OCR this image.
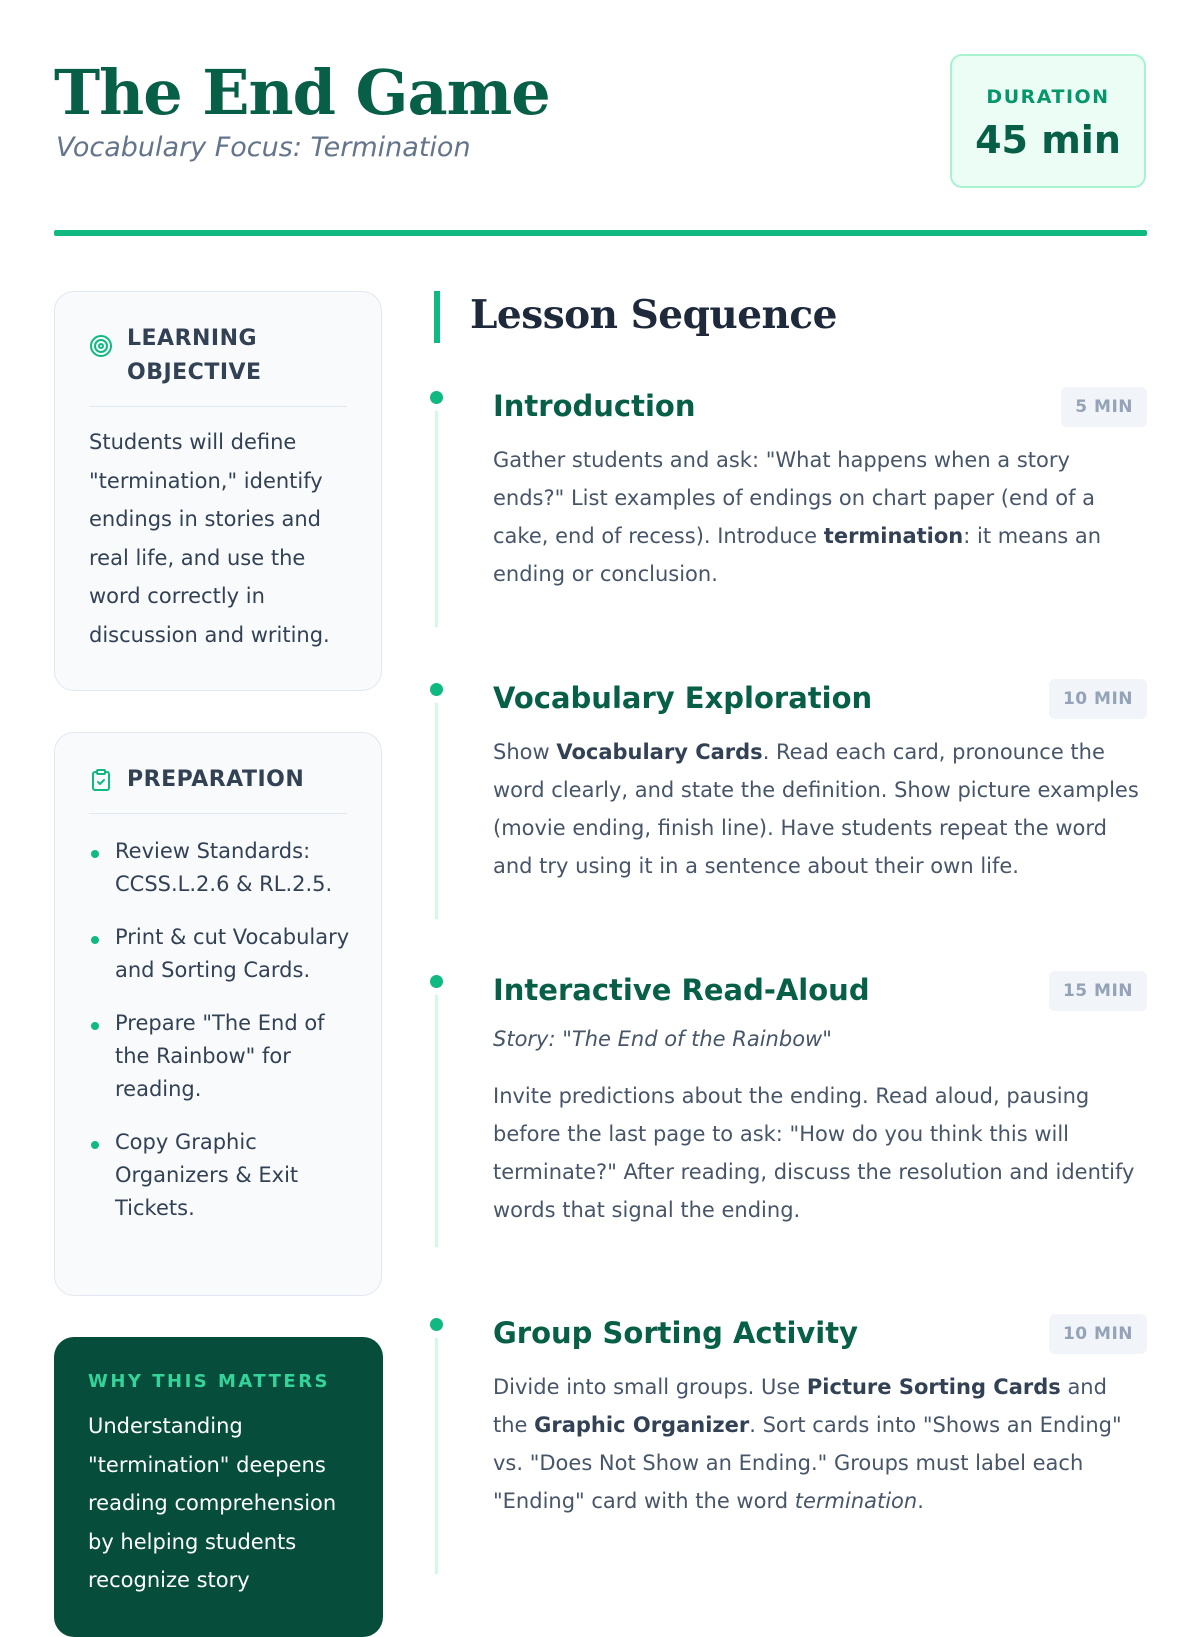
The End Game
Vocabulary Focus: Termination
DURATION
45 min
LEARNING OBJECTIVE
Students will define "termination," identify endings in stories and real life, and use the word correctly in discussion and writing.
PREPARATION
Review Standards: CCSS.L.2.6 & RL.2.5.
Print & cut Vocabulary and Sorting Cards.
Prepare "The End of the Rainbow" for reading.
Copy Graphic Organizers & Exit Tickets.
WHY THIS MATTERS
Understanding "termination" deepens reading comprehension by helping students recognize story
Lesson Sequence
Introduction	5 MIN
Gather students and ask: "What happens when a story ends?" List examples of endings on chart paper (end of a cake, end of recess). Introduce termination: it means an ending or conclusion.
Vocabulary Exploration	10 MIN
Show Vocabulary Cards. Read each card, pronounce the word clearly, and state the definition. Show picture examples (movie ending, finish line). Have students repeat the word and try using it in a sentence about their own life.
Interactive Read-Aloud	15 MIN
Story: "The End of the Rainbow"
Invite predictions about the ending. Read aloud, pausing before the last page to ask: "How do you think this will terminate?" After reading, discuss the resolution and identify words that signal the ending.
Group Sorting Activity	10 MIN
Divide into small groups. Use Picture Sorting Cards and the Graphic Organizer. Sort cards into "Shows an Ending" vs. "Does Not Show an Ending." Groups must label each "Ending" card with the word termination.
